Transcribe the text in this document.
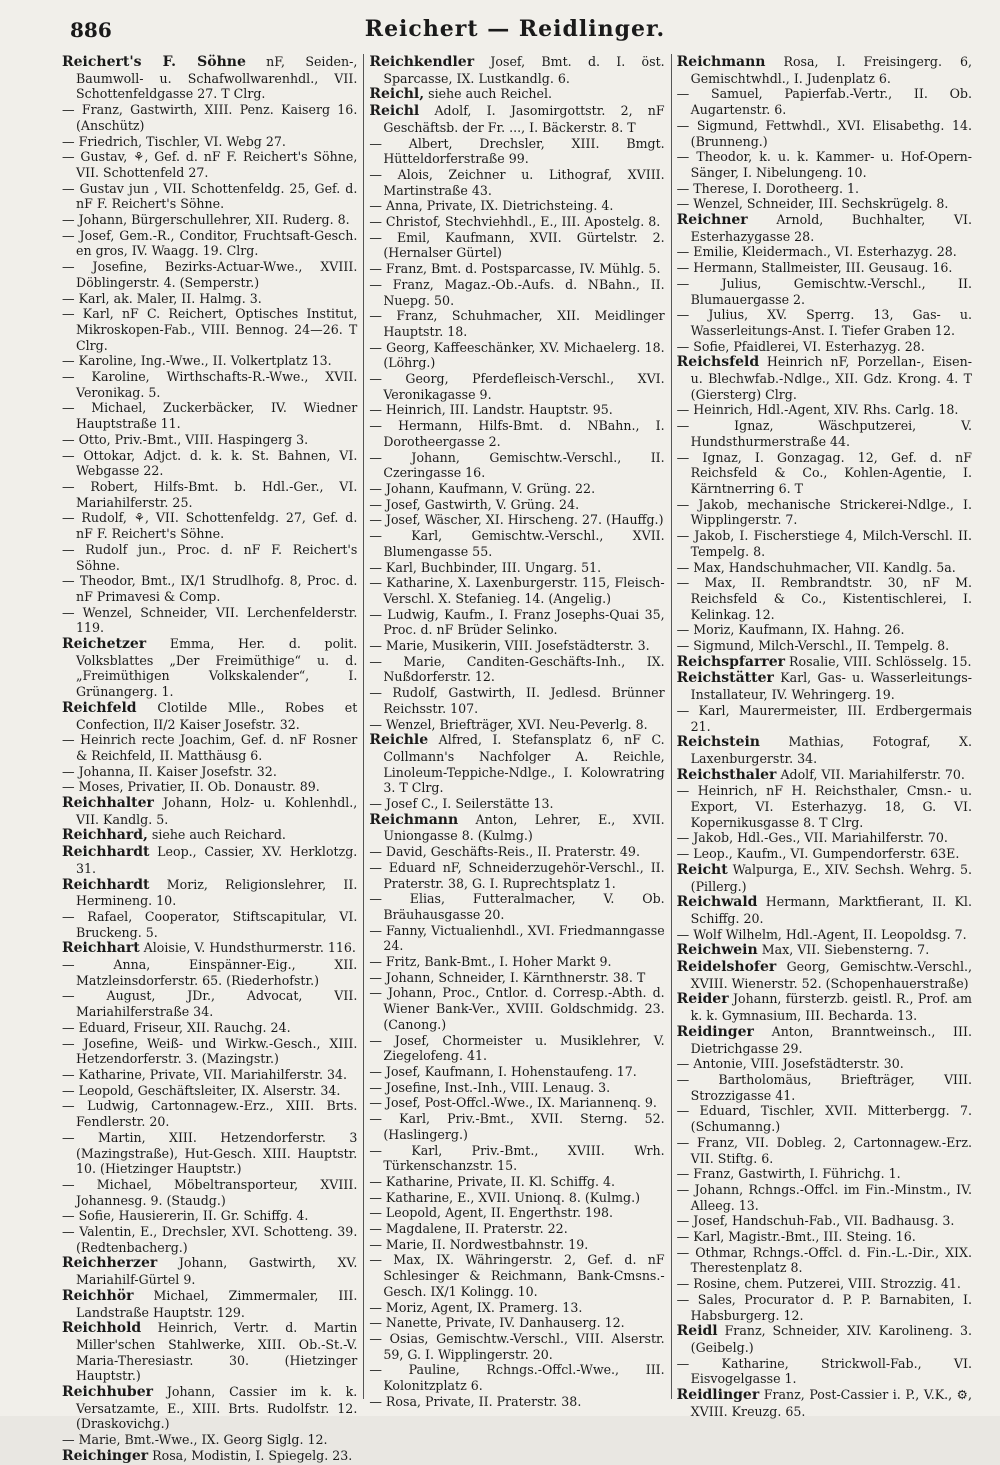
886	Reichert — Reidlinger.
Reichert's F. Söhne nF, Seiden-, Baumwoll- u. Schafwollwarenhdl., VII. Schottenfeldgasse 27. T Clrg.
— Franz, Gastwirth, XIII. Penz. Kaiserg 16. (Anschütz)
— Friedrich, Tischler, VI. Webg 27.
— Gustav, ⚘, Gef. d. nF F. Reichert's Söhne, VII. Schottenfeld 27.
— Gustav jun , VII. Schottenfeldg. 25, Gef. d. nF F. Reichert's Söhne.
— Johann, Bürgerschullehrer, XII. Ruderg. 8.
— Josef, Gem.-R., Conditor, Fruchtsaft-Gesch. en gros, IV. Waagg. 19. Clrg.
— Josefine, Bezirks-Actuar-Wwe., XVIII. Döblingerstr. 4. (Semperstr.)
— Karl, ak. Maler, II. Halmg. 3.
— Karl, nF C. Reichert, Optisches Institut, Mikroskopen-Fab., VIII. Bennog. 24—26. T Clrg.
— Karoline, Ing.-Wwe., II. Volkertplatz 13.
— Karoline, Wirthschafts-R.-Wwe., XVII. Veronikag. 5.
— Michael, Zuckerbäcker, IV. Wiedner Hauptstraße 11.
— Otto, Priv.-Bmt., VIII. Haspingerg 3.
— Ottokar, Adjct. d. k. k. St. Bahnen, VI. Webgasse 22.
— Robert, Hilfs-Bmt. b. Hdl.-Ger., VI. Mariahilferstr. 25.
— Rudolf, ⚘, VII. Schottenfeldg. 27, Gef. d. nF F. Reichert's Söhne.
— Rudolf jun., Proc. d. nF F. Reichert's Söhne.
— Theodor, Bmt., IX/1 Strudlhofg. 8, Proc. d. nF Primavesi & Comp.
— Wenzel, Schneider, VII. Lerchenfelderstr. 119.
Reichetzer Emma, Her. d. polit. Volksblattes „Der Freimüthige“ u. d. „Freimüthigen Volkskalender“, I. Grünangerg. 1.
Reichfeld Clotilde Mlle., Robes et Confection, II/2 Kaiser Josefstr. 32.
— Heinrich recte Joachim, Gef. d. nF Rosner & Reichfeld, II. Matthäusg 6.
— Johanna, II. Kaiser Josefstr. 32.
— Moses, Privatier, II. Ob. Donaustr. 89.
Reichhalter Johann, Holz- u. Kohlenhdl., VII. Kandlg. 5.
Reichhard, siehe auch Reichard.
Reichhardt Leop., Cassier, XV. Herklotzg. 31.
Reichhardt Moriz, Religionslehrer, II. Hermineng. 10.
— Rafael, Cooperator, Stiftscapitular, VI. Bruckeng. 5.
Reichhart Aloisie, V. Hundsthurmerstr. 116.
— Anna, Einspänner-Eig., XII. Matzleinsdorferstr. 65. (Riederhofstr.)
— August, JDr., Advocat, VII. Mariahilferstraße 34.
— Eduard, Friseur, XII. Rauchg. 24.
— Josefine, Weiß- und Wirkw.-Gesch., XIII. Hetzendorferstr. 3. (Mazingstr.)
— Katharine, Private, VII. Mariahilferstr. 34.
— Leopold, Geschäftsleiter, IX. Alserstr. 34.
— Ludwig, Cartonnagew.-Erz., XIII. Brts. Fendlerstr. 20.
— Martin, XIII. Hetzendorferstr. 3 (Mazingstraße), Hut-Gesch. XIII. Hauptstr. 10. (Hietzinger Hauptstr.)
— Michael, Möbeltransporteur, XVIII. Johannesg. 9. (Staudg.)
— Sofie, Hausiererin, II. Gr. Schiffg. 4.
— Valentin, E., Drechsler, XVI. Schotteng. 39. (Redtenbacherg.)
Reichherzer Johann, Gastwirth, XV. Mariahilf-Gürtel 9.
Reichhör Michael, Zimmermaler, III. Landstraße Hauptstr. 129.
Reichhold Heinrich, Vertr. d. Martin Miller'schen Stahlwerke, XIII. Ob.-St.-V. Maria-Theresiastr. 30. (Hietzinger Hauptstr.)
Reichhuber Johann, Cassier im k. k. Versatzamte, E., XIII. Brts. Rudolfstr. 12. (Draskovichg.)
— Marie, Bmt.-Wwe., IX. Georg Siglg. 12.
Reichinger Rosa, Modistin, I. Spiegelg. 23.
Reichkendler Josef, Bmt. d. I. öst. Sparcasse, IX. Lustkandlg. 6.
Reichl, siehe auch Reichel.
Reichl Adolf, I. Jasomirgottstr. 2, nF Geschäftsb. der Fr. ..., I. Bäckerstr. 8. T
— Albert, Drechsler, XIII. Bmgt. Hütteldorferstraße 99.
— Alois, Zeichner u. Lithograf, XVIII. Martinstraße 43.
— Anna, Private, IX. Dietrichsteing. 4.
— Christof, Stechviehhdl., E., III. Apostelg. 8.
— Emil, Kaufmann, XVII. Gürtelstr. 2. (Hernalser Gürtel)
— Franz, Bmt. d. Postsparcasse, IV. Mühlg. 5.
— Franz, Magaz.-Ob.-Aufs. d. NBahn., II. Nuepg. 50.
— Franz, Schuhmacher, XII. Meidlinger Hauptstr. 18.
— Georg, Kaffeeschänker, XV. Michaelerg. 18. (Löhrg.)
— Georg, Pferdefleisch-Verschl., XVI. Veronikagasse 9.
— Heinrich, III. Landstr. Hauptstr. 95.
— Hermann, Hilfs-Bmt. d. NBahn., I. Dorotheergasse 2.
— Johann, Gemischtw.-Verschl., II. Czeringasse 16.
— Johann, Kaufmann, V. Grüng. 22.
— Josef, Gastwirth, V. Grüng. 24.
— Josef, Wäscher, XI. Hirscheng. 27. (Hauffg.)
— Karl, Gemischtw.-Verschl., XVII. Blumengasse 55.
— Karl, Buchbinder, III. Ungarg. 51.
— Katharine, X. Laxenburgerstr. 115, Fleisch-Verschl. X. Stefanieg. 14. (Angelig.)
— Ludwig, Kaufm., I. Franz Josephs-Quai 35, Proc. d. nF Brüder Selinko.
— Marie, Musikerin, VIII. Josefstädterstr. 3.
— Marie, Canditen-Geschäfts-Inh., IX. Nußdorferstr. 12.
— Rudolf, Gastwirth, II. Jedlesd. Brünner Reichsstr. 107.
— Wenzel, Briefträger, XVI. Neu-Peverlg. 8.
Reichle Alfred, I. Stefansplatz 6, nF C. Collmann's Nachfolger A. Reichle, Linoleum-Teppiche-Ndlge., I. Kolowratring 3. T Clrg.
— Josef C., I. Seilerstätte 13.
Reichmann Anton, Lehrer, E., XVII. Uniongasse 8. (Kulmg.)
— David, Geschäfts-Reis., II. Praterstr. 49.
— Eduard nF, Schneiderzugehör-Verschl., II. Praterstr. 38, G. I. Ruprechtsplatz 1.
— Elias, Futteralmacher, V. Ob. Bräuhausgasse 20.
— Fanny, Victualienhdl., XVI. Friedmanngasse 24.
— Fritz, Bank-Bmt., I. Hoher Markt 9.
— Johann, Schneider, I. Kärnthnerstr. 38. T
— Johann, Proc., Cntlor. d. Corresp.-Abth. d. Wiener Bank-Ver., XVIII. Goldschmidg. 23. (Canong.)
— Josef, Chormeister u. Musiklehrer, V. Ziegelofeng. 41.
— Josef, Kaufmann, I. Hohenstaufeng. 17.
— Josefine, Inst.-Inh., VIII. Lenaug. 3.
— Josef, Post-Offcl.-Wwe., IX. Mariannenq. 9.
— Karl, Priv.-Bmt., XVII. Sterng. 52. (Haslingerg.)
— Karl, Priv.-Bmt., XVIII. Wrh. Türkenschanzstr. 15.
— Katharine, Private, II. Kl. Schiffg. 4.
— Katharine, E., XVII. Unionq. 8. (Kulmg.)
— Leopold, Agent, II. Engerthstr. 198.
— Magdalene, II. Praterstr. 22.
— Marie, II. Nordwestbahnstr. 19.
— Max, IX. Währingerstr. 2, Gef. d. nF Schlesinger & Reichmann, Bank-Cmsns.-Gesch. IX/1 Kolingg. 10.
— Moriz, Agent, IX. Pramerg. 13.
— Nanette, Private, IV. Danhauserg. 12.
— Osias, Gemischtw.-Verschl., VIII. Alserstr. 59, G. I. Wipplingerstr. 20.
— Pauline, Rchngs.-Offcl.-Wwe., III. Kolonitzplatz 6.
— Rosa, Private, II. Praterstr. 38.
Reichmann Rosa, I. Freisingerg. 6, Gemischtwhdl., I. Judenplatz 6.
— Samuel, Papierfab.-Vertr., II. Ob. Augartenstr. 6.
— Sigmund, Fettwhdl., XVI. Elisabethg. 14. (Brunneng.)
— Theodor, k. u. k. Kammer- u. Hof-Opern-Sänger, I. Nibelungeng. 10.
— Therese, I. Dorotheerg. 1.
— Wenzel, Schneider, III. Sechskrügelg. 8.
Reichner Arnold, Buchhalter, VI. Esterhazygasse 28.
— Emilie, Kleidermach., VI. Esterhazyg. 28.
— Hermann, Stallmeister, III. Geusaug. 16.
— Julius, Gemischtw.-Verschl., II. Blumauergasse 2.
— Julius, XV. Sperrg. 13, Gas- u. Wasserleitungs-Anst. I. Tiefer Graben 12.
— Sofie, Pfaidlerei, VI. Esterhazyg. 28.
Reichsfeld Heinrich nF, Porzellan-, Eisen- u. Blechwfab.-Ndlge., XII. Gdz. Krong. 4. T (Giersterg) Clrg.
— Heinrich, Hdl.-Agent, XIV. Rhs. Carlg. 18.
— Ignaz, Wäschputzerei, V. Hundsthurmerstraße 44.
— Ignaz, I. Gonzagag. 12, Gef. d. nF Reichsfeld & Co., Kohlen-Agentie, I. Kärntnerring 6. T
— Jakob, mechanische Strickerei-Ndlge., I. Wipplingerstr. 7.
— Jakob, I. Fischerstiege 4, Milch-Verschl. II. Tempelg. 8.
— Max, Handschuhmacher, VII. Kandlg. 5a.
— Max, II. Rembrandtstr. 30, nF M. Reichsfeld & Co., Kistentischlerei, I. Kelinkag. 12.
— Moriz, Kaufmann, IX. Hahng. 26.
— Sigmund, Milch-Verschl., II. Tempelg. 8.
Reichspfarrer Rosalie, VIII. Schlösselg. 15.
Reichstätter Karl, Gas- u. Wasserleitungs-Installateur, IV. Wehringerg. 19.
— Karl, Maurermeister, III. Erdbergermais 21.
Reichstein Mathias, Fotograf, X. Laxenburgerstr. 34.
Reichsthaler Adolf, VII. Mariahilferstr. 70.
— Heinrich, nF H. Reichsthaler, Cmsn.- u. Export, VI. Esterhazyg. 18, G. VI. Kopernikusgasse 8. T Clrg.
— Jakob, Hdl.-Ges., VII. Mariahilferstr. 70.
— Leop., Kaufm., VI. Gumpendorferstr. 63E.
Reicht Walpurga, E., XIV. Sechsh. Wehrg. 5. (Pillerg.)
Reichwald Hermann, Marktfierant, II. Kl. Schiffg. 20.
— Wolf Wilhelm, Hdl.-Agent, II. Leopoldsg. 7.
Reichwein Max, VII. Siebensterng. 7.
Reidelshofer Georg, Gemischtw.-Verschl., XVIII. Wienerstr. 52. (Schopenhauerstraße)
Reider Johann, fürsterzb. geistl. R., Prof. am k. k. Gymnasium, III. Becharda. 13.
Reidinger Anton, Branntweinsch., III. Dietrichgasse 29.
— Antonie, VIII. Josefstädterstr. 30.
— Bartholomäus, Briefträger, VIII. Strozzigasse 41.
— Eduard, Tischler, XVII. Mitterbergg. 7. (Schumanng.)
— Franz, VII. Dobleg. 2, Cartonnagew.-Erz. VII. Stiftg. 6.
— Franz, Gastwirth, I. Führichg. 1.
— Johann, Rchngs.-Offcl. im Fin.-Minstm., IV. Alleeg. 13.
— Josef, Handschuh-Fab., VII. Badhausg. 3.
— Karl, Magistr.-Bmt., III. Steing. 16.
— Othmar, Rchngs.-Offcl. d. Fin.-L.-Dir., XIX. Therestenplatz 8.
— Rosine, chem. Putzerei, VIII. Strozzig. 41.
— Sales, Procurator d. P. P. Barnabiten, I. Habsburgerg. 12.
Reidl Franz, Schneider, XIV. Karolineng. 3. (Geibelg.)
— Katharine, Strickwoll-Fab., VI. Eisvogelgasse 1.
Reidlinger Franz, Post-Cassier i. P., V.K., ⚙, XVIII. Kreuzg. 65.
